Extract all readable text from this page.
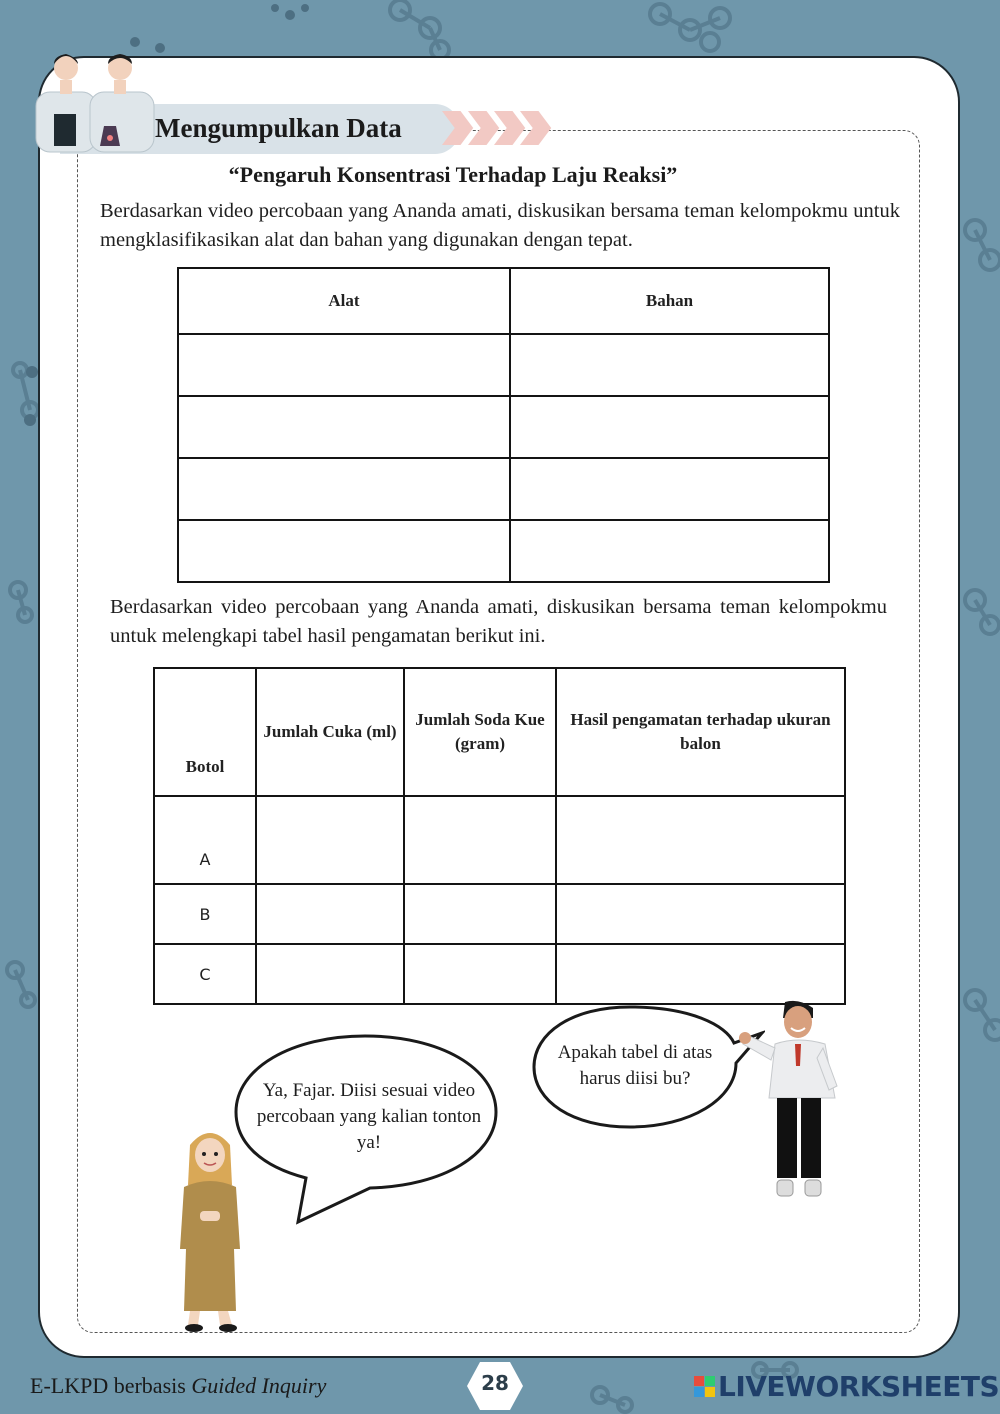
Mengumpulkan Data
“Pengaruh Konsentrasi Terhadap Laju Reaksi”

Berdasarkan video percobaan yang Ananda amati, diskusikan bersama teman kelompokmu untuk mengklasifikasikan alat dan bahan yang digunakan dengan tepat.

Alat	Bahan

Berdasarkan video percobaan yang Ananda amati, diskusikan bersama teman kelompokmu untuk melengkapi tabel hasil pengamatan berikut ini.

Botol	Jumlah Cuka (ml)	Jumlah Soda Kue (gram)	Hasil pengamatan terhadap ukuran balon
A			
B			
C			

Ya, Fajar. Diisi sesuai video percobaan yang kalian tonton ya!

Apakah tabel di atas harus diisi bu?

E-LKPD berbasis Guided Inquiry	28	LIVEWORKSHEETS
